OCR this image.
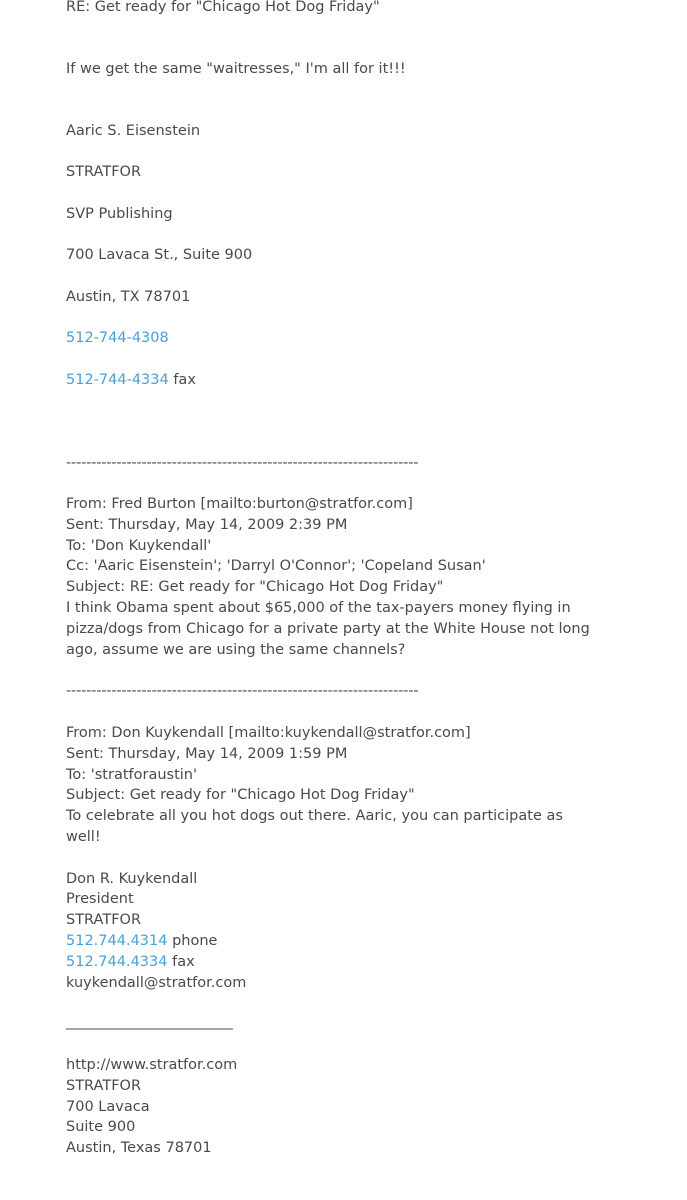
RE: Get ready for "Chicago Hot Dog Friday"
If we get the same "waitresses," I'm all for it!!!
Aaric S. Eisenstein
STRATFOR
SVP Publishing
700 Lavaca St., Suite 900
Austin, TX 78701
512-744-4308
512-744-4334 fax
----------------------------------------------------------------------
From: Fred Burton [mailto:burton@stratfor.com]
Sent: Thursday, May 14, 2009 2:39 PM
To: 'Don Kuykendall'
Cc: 'Aaric Eisenstein'; 'Darryl O'Connor'; 'Copeland Susan'
Subject: RE: Get ready for "Chicago Hot Dog Friday"
I think Obama spent about $65,000 of the tax-payers money flying in pizza/dogs from Chicago for a private party at the White House not long ago, assume we are using the same channels?
----------------------------------------------------------------------
From: Don Kuykendall [mailto:kuykendall@stratfor.com]
Sent: Thursday, May 14, 2009 1:59 PM
To: 'stratforaustin'
Subject: Get ready for "Chicago Hot Dog Friday"
To celebrate all you hot dogs out there. Aaric, you can participate as well!
Don R. Kuykendall
President
STRATFOR
512.744.4314 phone
512.744.4334 fax
kuykendall@stratfor.com
_______________________
http://www.stratfor.com
STRATFOR
700 Lavaca
Suite 900
Austin, Texas 78701
